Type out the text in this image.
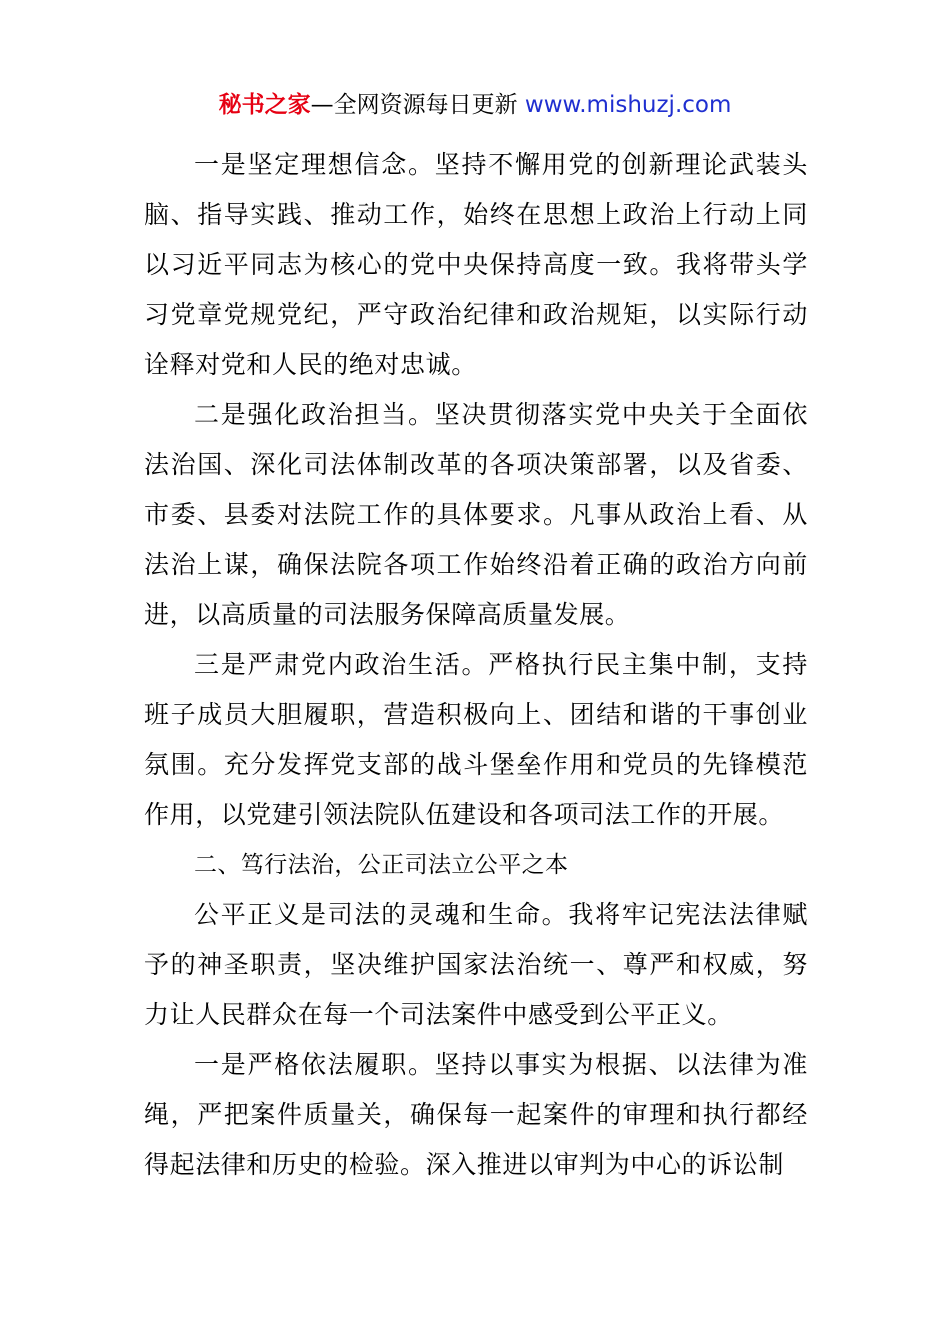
秘书之家—全网资源每日更新 www.mishuzj.com

一是坚定理想信念。坚持不懈用党的创新理论武装头脑、指导实践、推动工作，始终在思想上政治上行动上同以习近平同志为核心的党中央保持高度一致。我将带头学习党章党规党纪，严守政治纪律和政治规矩，以实际行动诠释对党和人民的绝对忠诚。

二是强化政治担当。坚决贯彻落实党中央关于全面依法治国、深化司法体制改革的各项决策部署，以及省委、市委、县委对法院工作的具体要求。凡事从政治上看、从法治上谋，确保法院各项工作始终沿着正确的政治方向前进，以高质量的司法服务保障高质量发展。

三是严肃党内政治生活。严格执行民主集中制，支持班子成员大胆履职，营造积极向上、团结和谐的干事创业氛围。充分发挥党支部的战斗堡垒作用和党员的先锋模范作用，以党建引领法院队伍建设和各项司法工作的开展。

二、笃行法治，公正司法立公平之本

公平正义是司法的灵魂和生命。我将牢记宪法法律赋予的神圣职责，坚决维护国家法治统一、尊严和权威，努力让人民群众在每一个司法案件中感受到公平正义。

一是严格依法履职。坚持以事实为根据、以法律为准绳，严把案件质量关，确保每一起案件的审理和执行都经得起法律和历史的检验。深入推进以审判为中心的诉讼制
